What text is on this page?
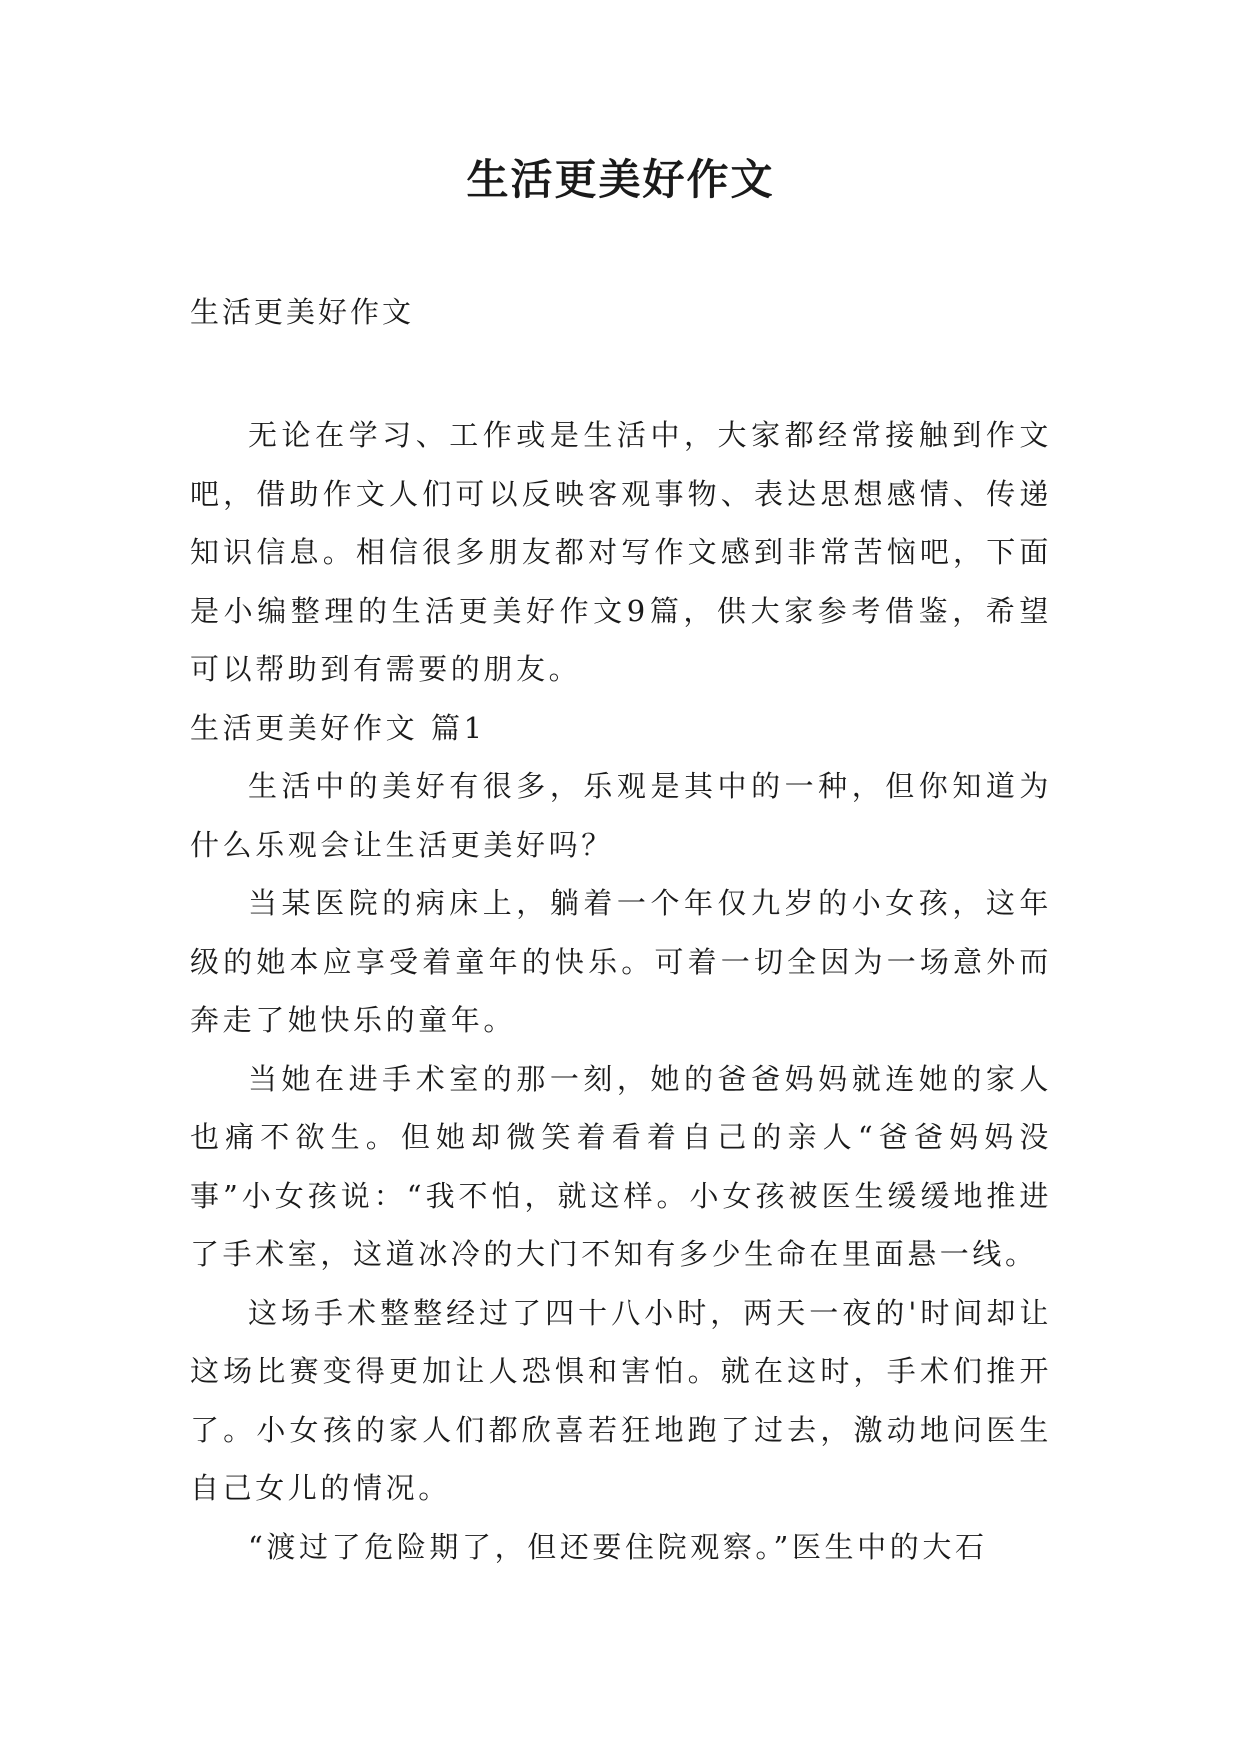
生活更美好作文

生活更美好作文

无论在学习、工作或是生活中，大家都经常接触到作文吧，借助作文人们可以反映客观事物、表达思想感情、传递知识信息。相信很多朋友都对写作文感到非常苦恼吧，下面是小编整理的生活更美好作文9篇，供大家参考借鉴，希望可以帮助到有需要的朋友。

生活更美好作文 篇1

生活中的美好有很多，乐观是其中的一种，但你知道为什么乐观会让生活更美好吗？

当某医院的病床上，躺着一个年仅九岁的小女孩，这年级的她本应享受着童年的快乐。可着一切全因为一场意外而奔走了她快乐的童年。

当她在进手术室的那一刻，她的爸爸妈妈就连她的家人也痛不欲生。但她却微笑着看着自己的亲人“爸爸妈妈没事”小女孩说：“我不怕，就这样。小女孩被医生缓缓地推进了手术室，这道冰冷的大门不知有多少生命在里面悬一线。

这场手术整整经过了四十八小时，两天一夜的'时间却让这场比赛变得更加让人恐惧和害怕。就在这时，手术们推开了。小女孩的家人们都欣喜若狂地跑了过去，激动地问医生自己女儿的情况。

“渡过了危险期了，但还要住院观察。”医生中的大石
